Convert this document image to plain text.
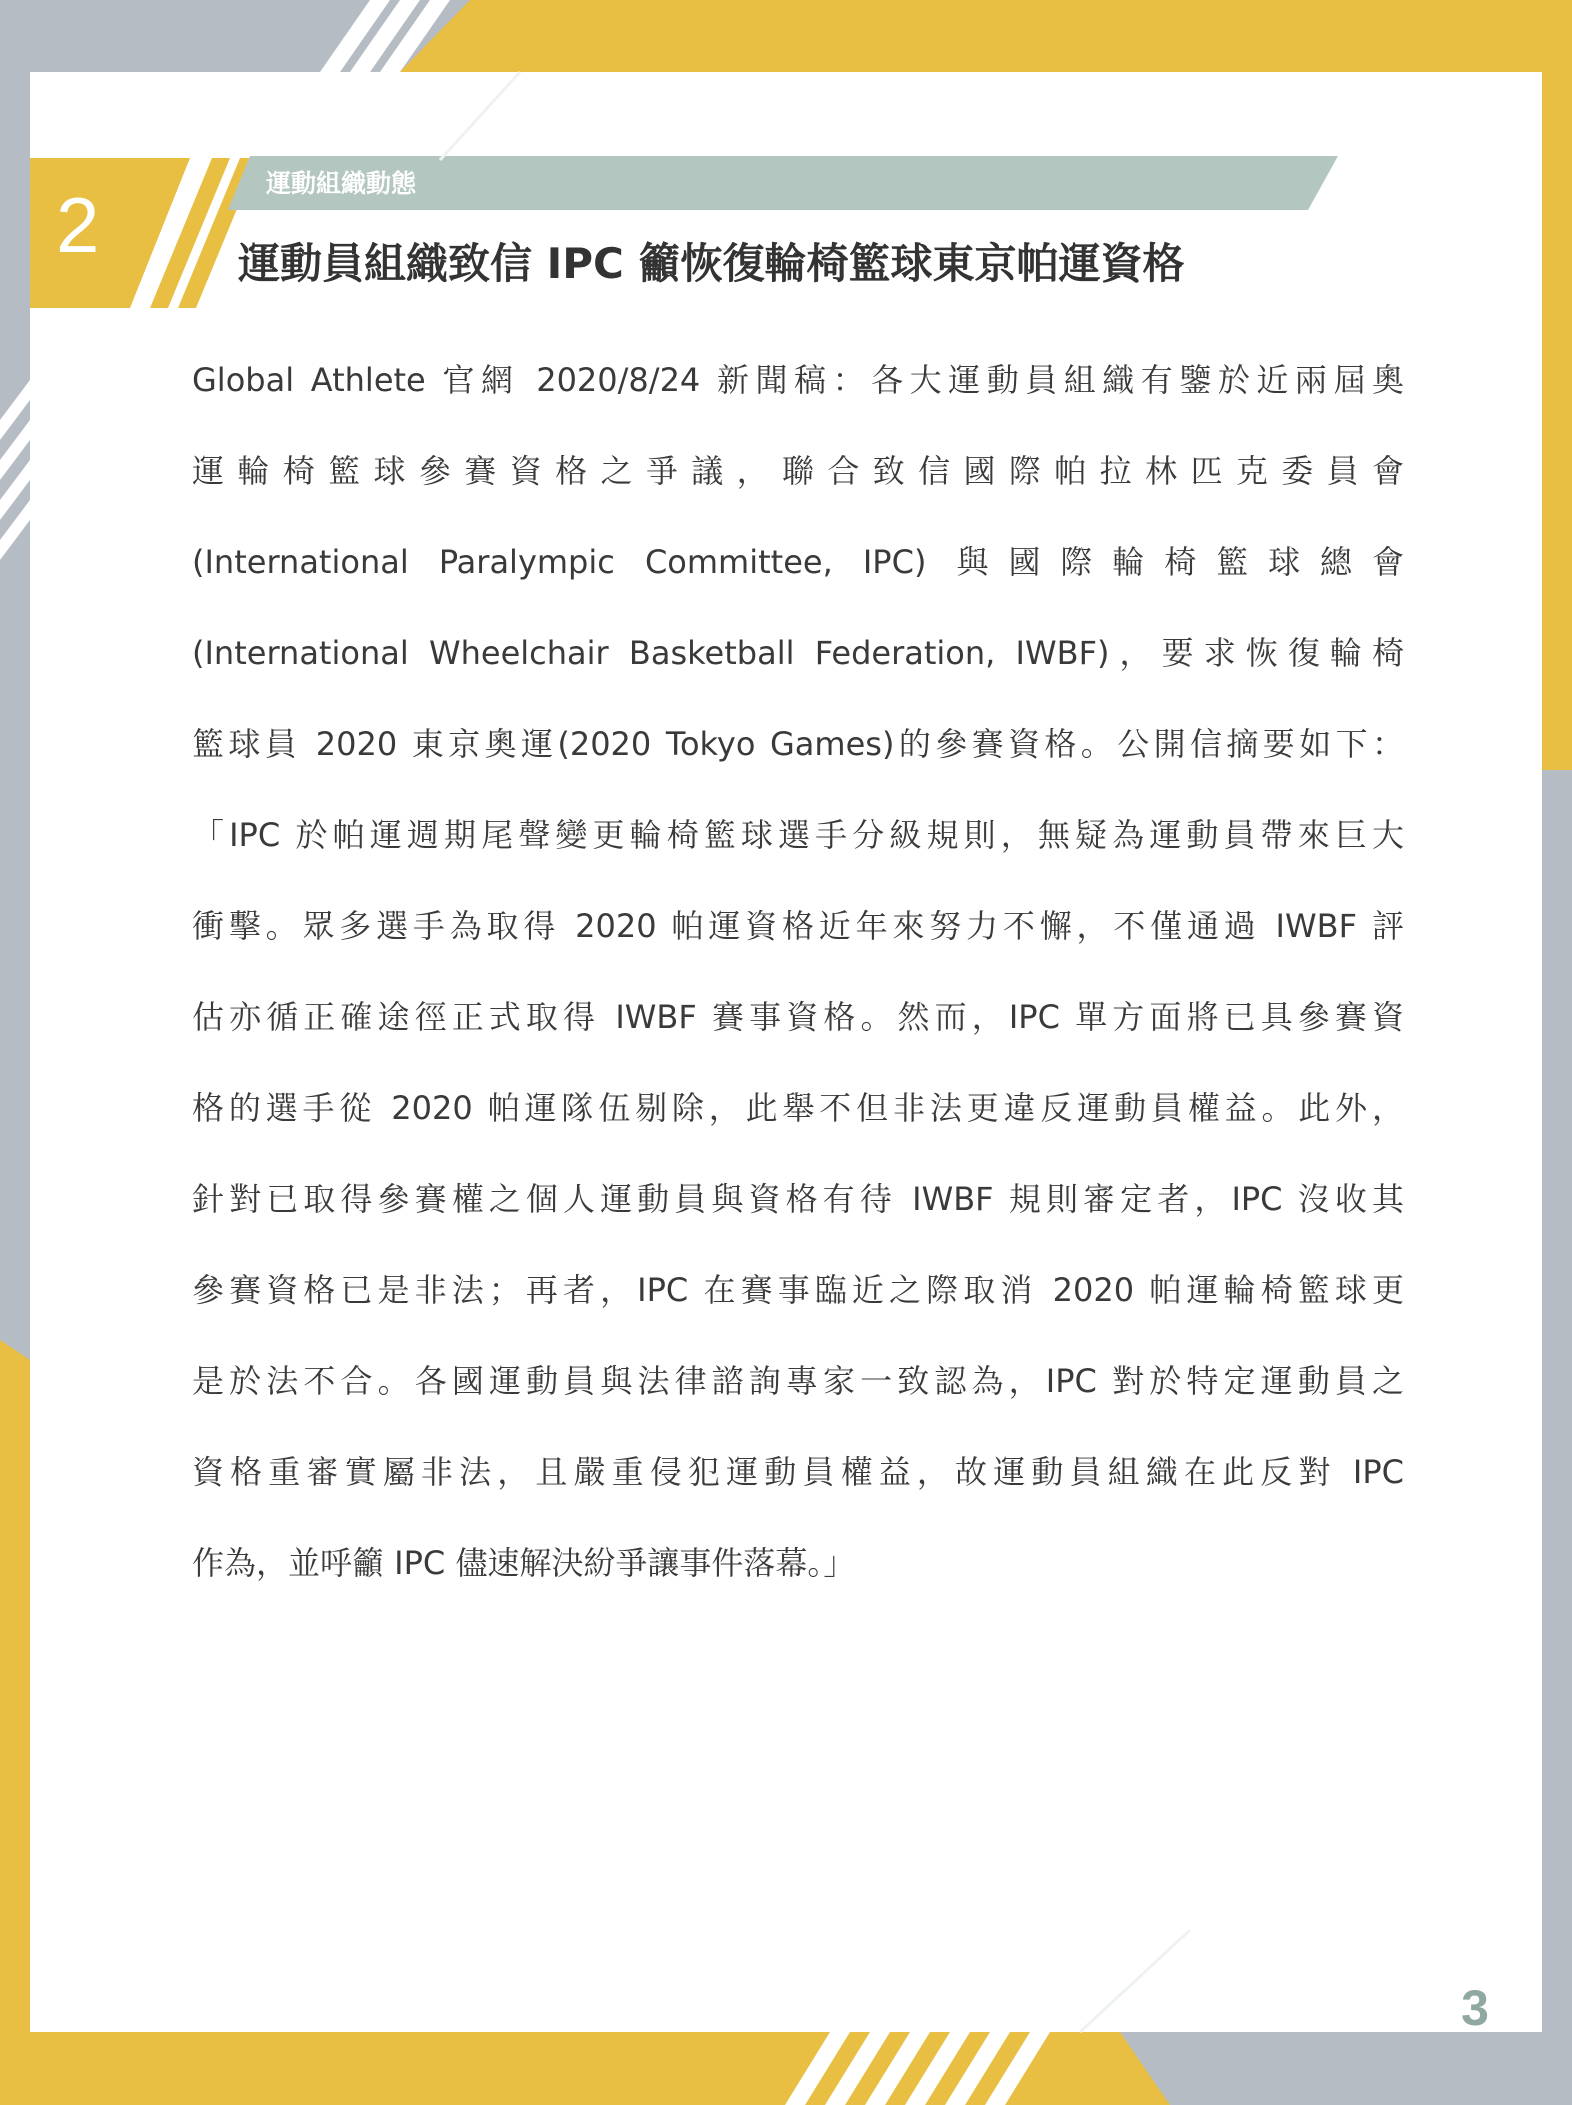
2	運動組織動態
運動員組織致信 IPC 籲恢復輪椅籃球東京帕運資格
Global Athlete 官網 2020/8/24 新聞稿：各大運動員組織有鑒於近兩屆奧
運輪椅籃球參賽資格之爭議，聯合致信國際帕拉林匹克委員會
(International Paralympic Committee, IPC) 與國際輪椅籃球總會
(International Wheelchair Basketball Federation, IWBF)，要求恢復輪椅
籃球員 2020 東京奧運(2020 Tokyo Games)的參賽資格。公開信摘要如下：
「IPC 於帕運週期尾聲變更輪椅籃球選手分級規則，無疑為運動員帶來巨大
衝擊。眾多選手為取得 2020 帕運資格近年來努力不懈，不僅通過 IWBF 評
估亦循正確途徑正式取得 IWBF 賽事資格。然而，IPC 單方面將已具參賽資
格的選手從 2020 帕運隊伍剔除，此舉不但非法更違反運動員權益。此外，
針對已取得參賽權之個人運動員與資格有待 IWBF 規則審定者，IPC 沒收其
參賽資格已是非法；再者，IPC 在賽事臨近之際取消 2020 帕運輪椅籃球更
是於法不合。各國運動員與法律諮詢專家一致認為，IPC 對於特定運動員之
資格重審實屬非法，且嚴重侵犯運動員權益，故運動員組織在此反對 IPC
作為，並呼籲 IPC 儘速解決紛爭讓事件落幕。」
3
